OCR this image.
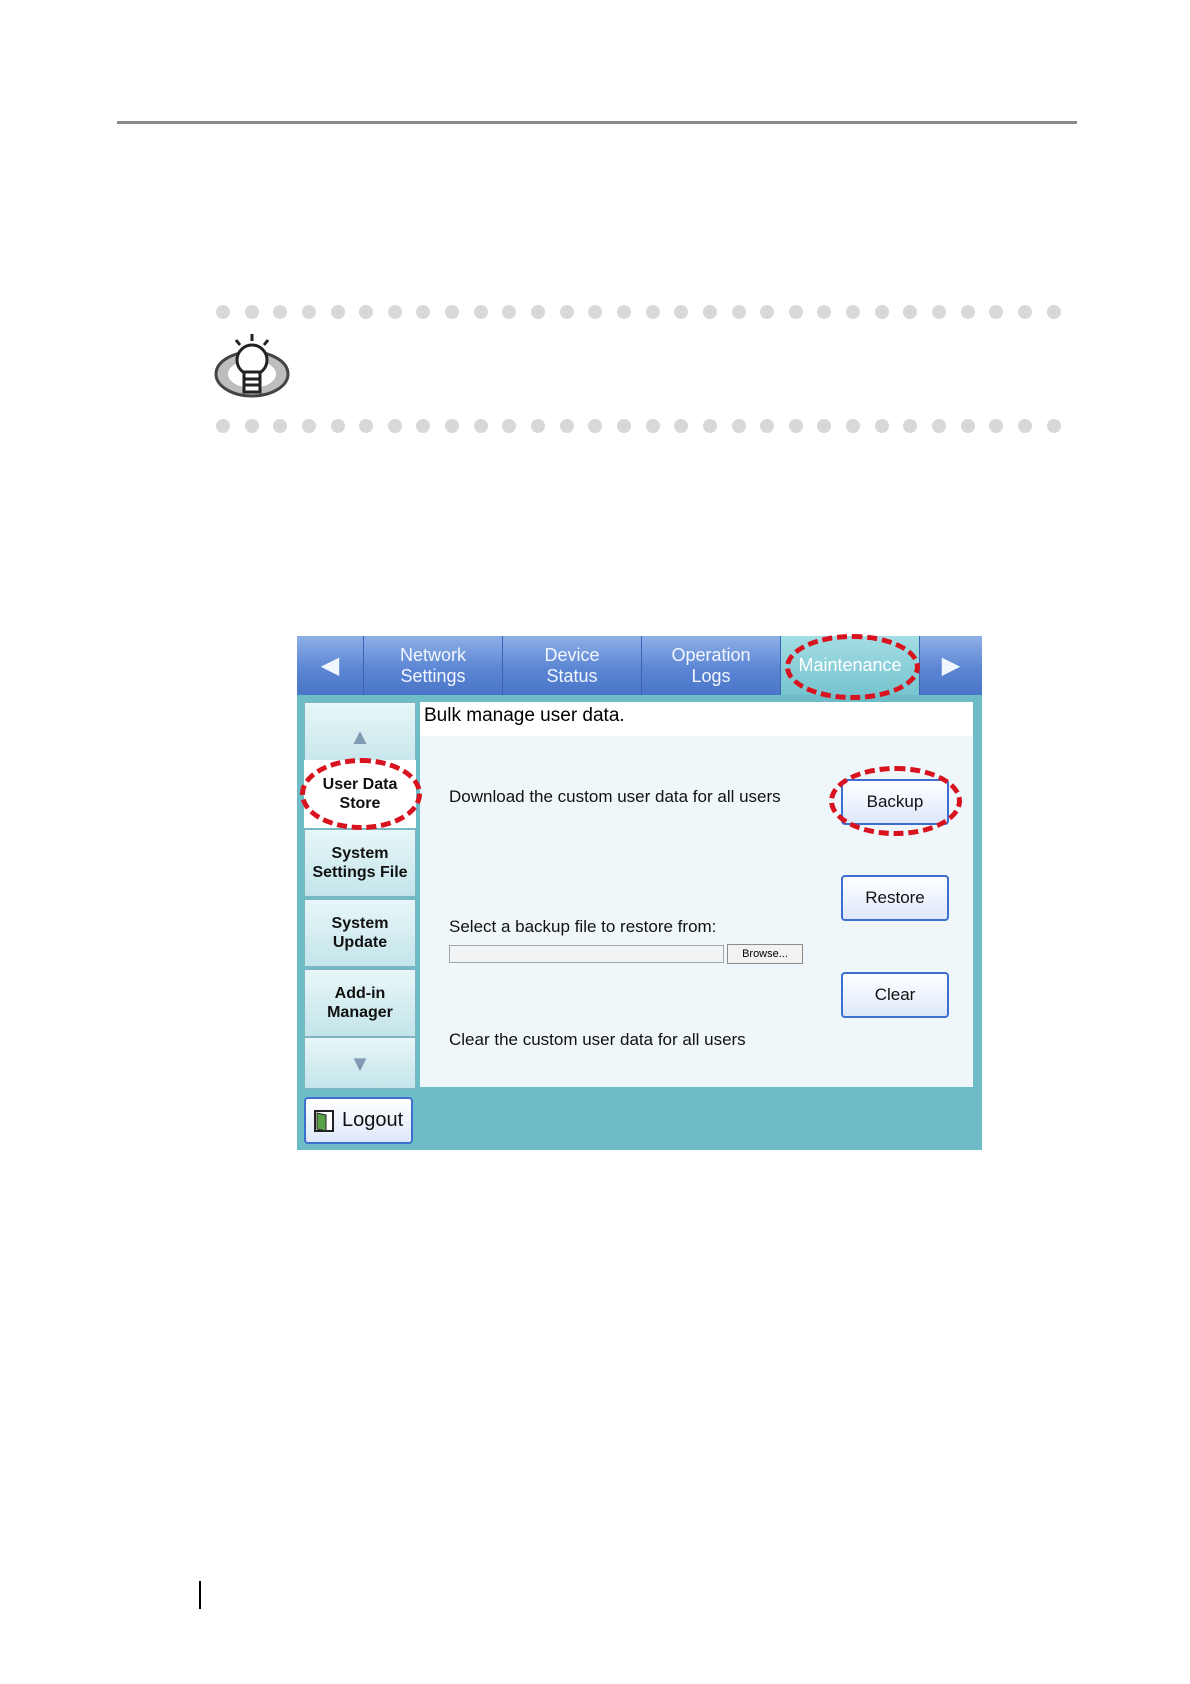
◀	Network
Settings
Device
Status
Operation
Logs
Maintenance	▶
▲
User Data
Store
System
Settings File
System
Update
Add-in
Manager
▼
Bulk manage user data.
Download the custom user data for all users	Backup
Select a backup file to restore from:
Browse...
Restore
Clear the custom user data for all users
Clear
Logout
